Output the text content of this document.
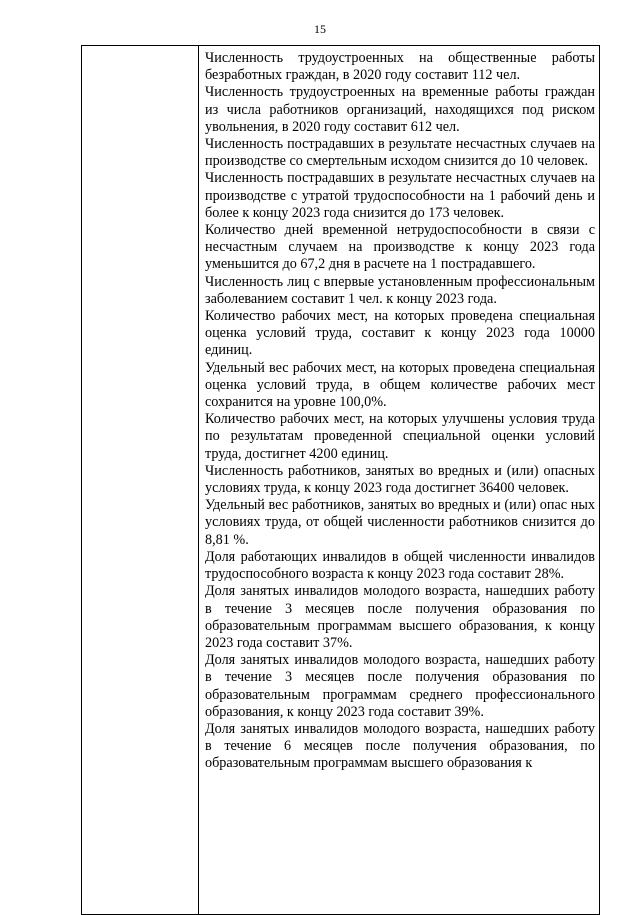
15

Численность трудоустроенных на общественные работы безработных граждан, в 2020 году составит 112 чел.

Численность трудоустроенных на временные работы граждан из числа работников организаций, находящихся под риском увольнения, в 2020 году составит 612 чел.

Численность пострадавших в результате несчастных случаев на производстве со смертельным исходом снизится до 10 человек.

Численность пострадавших в результате несчастных случаев на производстве с утратой трудоспособности на 1 рабочий день и более к концу 2023 года снизится до 173 человек.

Количество дней временной нетрудоспособности в связи с несчастным случаем на производстве к концу 2023 года уменьшится до 67,2 дня в расчете на 1 пострадавшего.

Численность лиц с впервые установленным профессиональным заболеванием составит 1 чел. к концу 2023 года.

Количество рабочих мест, на которых проведена специальная оценка условий труда, составит к концу 2023 года 10000 единиц.

Удельный вес рабочих мест, на которых проведена специальная оценка условий труда, в общем количестве рабочих мест сохранится на уровне 100,0%.

Количество рабочих мест, на которых улучшены условия труда по результатам проведенной специальной оценки условий труда, достигнет 4200 единиц.

Численность работников, занятых во вредных и (или) опасных условиях труда, к концу 2023 года достигнет 36400 человек.

Удельный вес работников, занятых во вредных и (или) опас ных условиях труда, от общей численности работников снизится до 8,81 %.

Доля работающих инвалидов в общей численности инвалидов трудоспособного возраста к концу 2023 года составит 28%.

Доля занятых инвалидов молодого возраста, нашедших работу в течение 3 месяцев после получения образования по образовательным программам высшего образования, к концу 2023 года составит 37%.

Доля занятых инвалидов молодого возраста, нашедших работу в течение 3 месяцев после получения образования по образовательным программам среднего профессионального образования, к концу 2023 года составит 39%.

Доля занятых инвалидов молодого возраста, нашедших работу в течение 6 месяцев после получения образования, по образовательным программам высшего образования к
